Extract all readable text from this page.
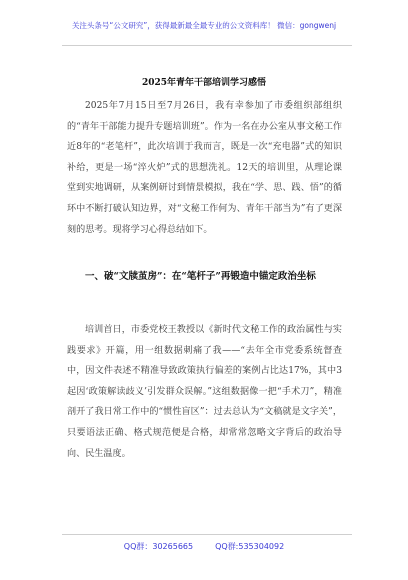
关注头条号“公文研究”，获得最新最全最专业的公文资料库！ 微信：gongwenj
2025年青年干部培训学习感悟

2025年7月15日至7月26日，我有幸参加了市委组织部组织的“青年干部能力提升专题培训班”。作为一名在办公室从事文秘工作近8年的“老笔杆”，此次培训于我而言，既是一次“充电器”式的知识补给，更是一场“淬火炉”式的思想洗礼。12天的培训里，从理论课堂到实地调研，从案例研讨到情景模拟，我在“学、思、践、悟”的循环中不断打破认知边界，对“文秘工作何为、青年干部当为”有了更深刻的思考。现将学习心得总结如下。

一、破“文牍茧房”：在“笔杆子”再锻造中锚定政治坐标

培训首日，市委党校王教授以《新时代文秘工作的政治属性与实践要求》开篇，用一组数据刺痛了我——“去年全市党委系统督查中，因文件表述不精准导致政策执行偏差的案例占比达17%，其中3起因‘政策解读歧义’引发群众误解。”这组数据像一把“手术刀”，精准剖开了我日常工作中的“惯性盲区”：过去总认为“文稿就是文字关”，只要语法正确、格式规范便是合格，却常常忽略文字背后的政治导向、民生温度。

QQ群：30265665	QQ群:535304092
